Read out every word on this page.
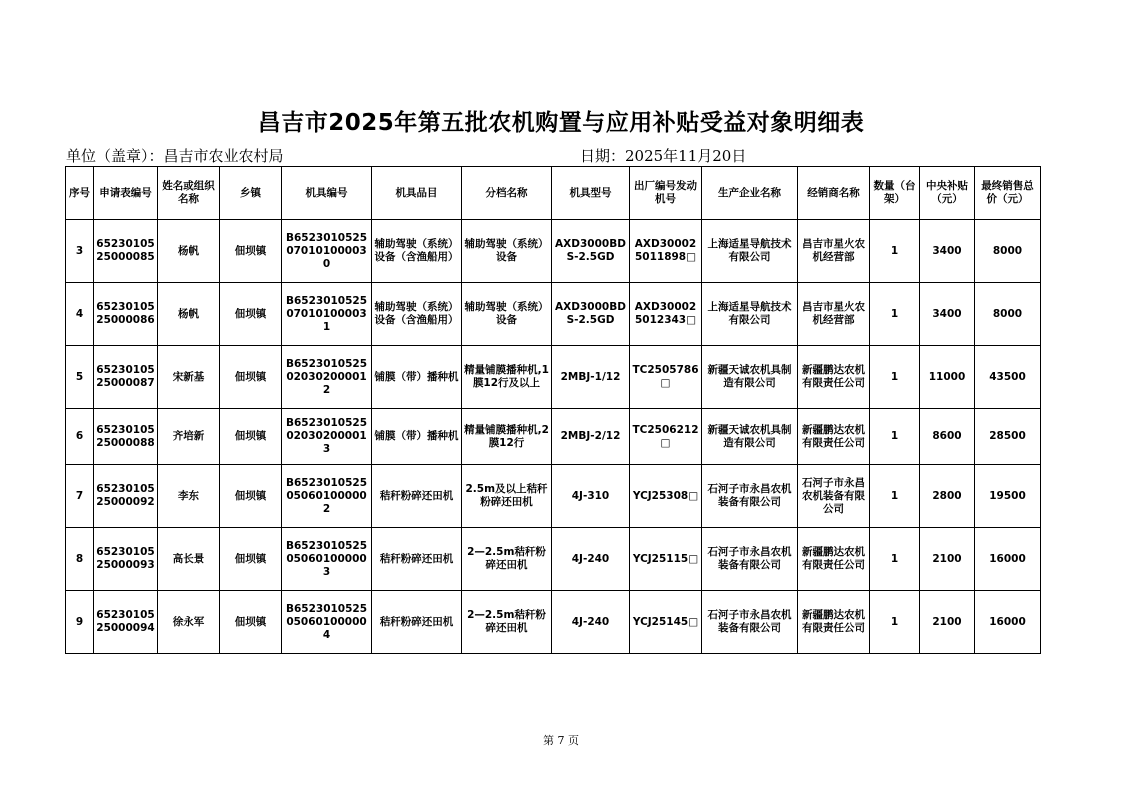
昌吉市2025年第五批农机购置与应用补贴受益对象明细表
单位（盖章）：昌吉市农业农村局	日期：2025年11月20日
序号	申请表编号	姓名或组织名称	乡镇	机具编号	机具品目	分档名称	机具型号	出厂编号发动机号	生产企业名称	经销商名称	数量（台架）	中央补贴（元）	最终销售总价（元）
3	6523010525000085	杨帆	佃坝镇	B6523010525070101000030	辅助驾驶（系统）设备（含渔船用）	辅助驾驶（系统）设备	AXD3000BDS-2.5GD	AXD300025011898□	上海适星导航技术有限公司	昌吉市星火农机经营部	1	3400	8000
4	6523010525000086	杨帆	佃坝镇	B6523010525070101000031	辅助驾驶（系统）设备（含渔船用）	辅助驾驶（系统）设备	AXD3000BDS-2.5GD	AXD300025012343□	上海适星导航技术有限公司	昌吉市星火农机经营部	1	3400	8000
5	6523010525000087	宋新基	佃坝镇	B6523010525020302000012	铺膜（带）播种机	精量铺膜播种机,1膜12行及以上	2MBJ-1/12	TC2505786□	新疆天诚农机具制造有限公司	新疆鹏达农机有限责任公司	1	11000	43500
6	6523010525000088	齐培新	佃坝镇	B6523010525020302000013	铺膜（带）播种机	精量铺膜播种机,2膜12行	2MBJ-2/12	TC2506212□	新疆天诚农机具制造有限公司	新疆鹏达农机有限责任公司	1	8600	28500
7	6523010525000092	李东	佃坝镇	B6523010525050601000002	秸秆粉碎还田机	2.5m及以上秸秆粉碎还田机	4J-310	YCJ25308□	石河子市永昌农机装备有限公司	石河子市永昌农机装备有限公司	1	2800	19500
8	6523010525000093	高长景	佃坝镇	B6523010525050601000003	秸秆粉碎还田机	2—2.5m秸秆粉碎还田机	4J-240	YCJ25115□	石河子市永昌农机装备有限公司	新疆鹏达农机有限责任公司	1	2100	16000
9	6523010525000094	徐永军	佃坝镇	B6523010525050601000004	秸秆粉碎还田机	2—2.5m秸秆粉碎还田机	4J-240	YCJ25145□	石河子市永昌农机装备有限公司	新疆鹏达农机有限责任公司	1	2100	16000
第 7 页
